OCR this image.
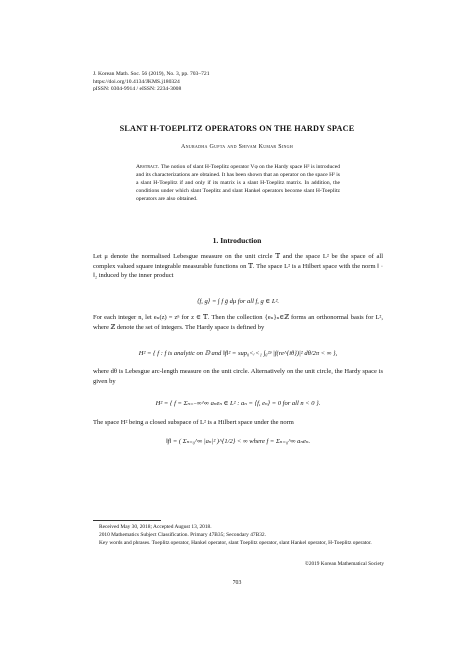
J. Korean Math. Soc. 56 (2019), No. 3, pp. 703–721
https://doi.org/10.4134/JKMS.j180324
pISSN: 0304-9914 / eISSN: 2234-3008
SLANT H-TOEPLITZ OPERATORS ON THE HARDY SPACE
Anuradha Gupta and Shivam Kumar Singh
Abstract. The notion of slant H-Toeplitz operator Vφ on the Hardy space H² is introduced and its characterizations are obtained. It has been shown that an operator on the space H² is a slant H-Toeplitz if and only if its matrix is a slant H-Toeplitz matrix. In addition, the conditions under which slant Toeplitz and slant Hankel operators become slant H-Toeplitz operators are also obtained.
1. Introduction
Let μ denote the normalised Lebesgue measure on the unit circle 𝕋 and the space L² be the space of all complex valued square integrable measurable functions on 𝕋. The space L² is a Hilbert space with the norm ‖ · ‖₂ induced by the inner product
⟨f, g⟩ = ∫ f ḡ dμ for all f, g ∈ L².
For each integer n, let eₙ(z) = zⁿ for z ∈ 𝕋. Then the collection {eₙ}ₙ∈ℤ forms an orthonormal basis for L², where ℤ denote the set of integers. The Hardy space is defined by
H² = { f : f is analytic on 𝔻 and ‖f‖² = sup₀<ᵣ<₁ ∫₀²ᵖ |f(re^{iθ})|² dθ/2π < ∞ },
where dθ is Lebesgue arc-length measure on the unit circle. Alternatively on the unit circle, the Hardy space is given by
H² = { f = Σₙ₌₋∞^∞ aₙeₙ ∈ L² : aₙ = ⟨f, eₙ⟩ = 0 for all n < 0 }.
The space H² being a closed subspace of L² is a Hilbert space under the norm
‖f‖ = ( Σₙ₌₀^∞ |aₙ|² )^{1/2} < ∞ where f = Σₙ₌₀^∞ aₙeₙ.
Received May 30, 2018; Accepted August 13, 2018.
2010 Mathematics Subject Classification. Primary 47B35; Secondary 47B32.
Key words and phrases. Toeplitz operator, Hankel operator, slant Toeplitz operator, slant Hankel operator, H-Toeplitz operator.
©2019 Korean Mathematical Society
703
